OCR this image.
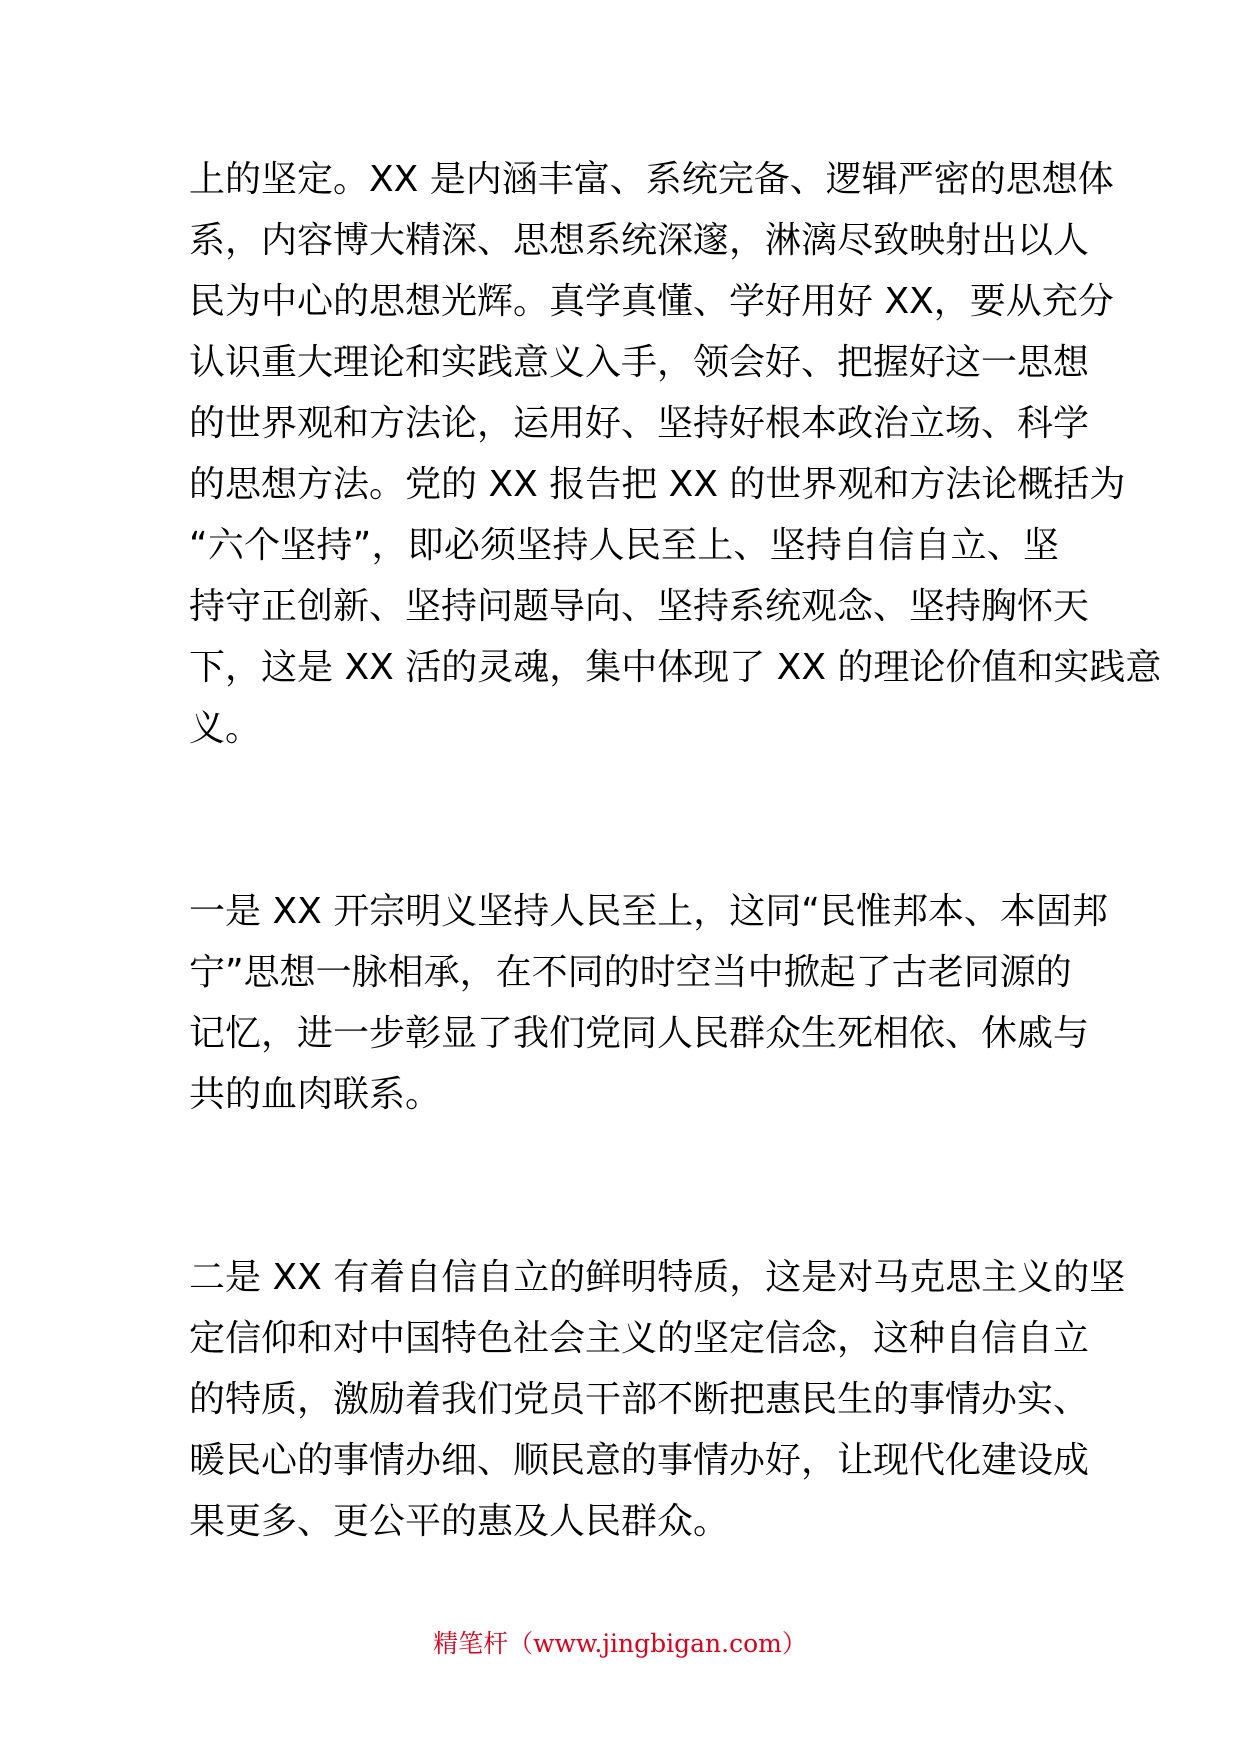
上的坚定。XX 是内涵丰富、系统完备、逻辑严密的思想体
系，内容博大精深、思想系统深邃，淋漓尽致映射出以人
民为中心的思想光辉。真学真懂、学好用好 XX，要从充分
认识重大理论和实践意义入手，领会好、把握好这一思想
的世界观和方法论，运用好、坚持好根本政治立场、科学
的思想方法。党的 XX 报告把 XX 的世界观和方法论概括为
“六个坚持”，即必须坚持人民至上、坚持自信自立、坚
持守正创新、坚持问题导向、坚持系统观念、坚持胸怀天
下，这是 XX 活的灵魂，集中体现了 XX 的理论价值和实践意
义。
一是 XX 开宗明义坚持人民至上，这同“民惟邦本、本固邦
宁”思想一脉相承，在不同的时空当中掀起了古老同源的
记忆，进一步彰显了我们党同人民群众生死相依、休戚与
共的血肉联系。
二是 XX 有着自信自立的鲜明特质，这是对马克思主义的坚
定信仰和对中国特色社会主义的坚定信念，这种自信自立
的特质，激励着我们党员干部不断把惠民生的事情办实、
暖民心的事情办细、顺民意的事情办好，让现代化建设成
果更多、更公平的惠及人民群众。
精笔杆（www.jingbigan.com）
